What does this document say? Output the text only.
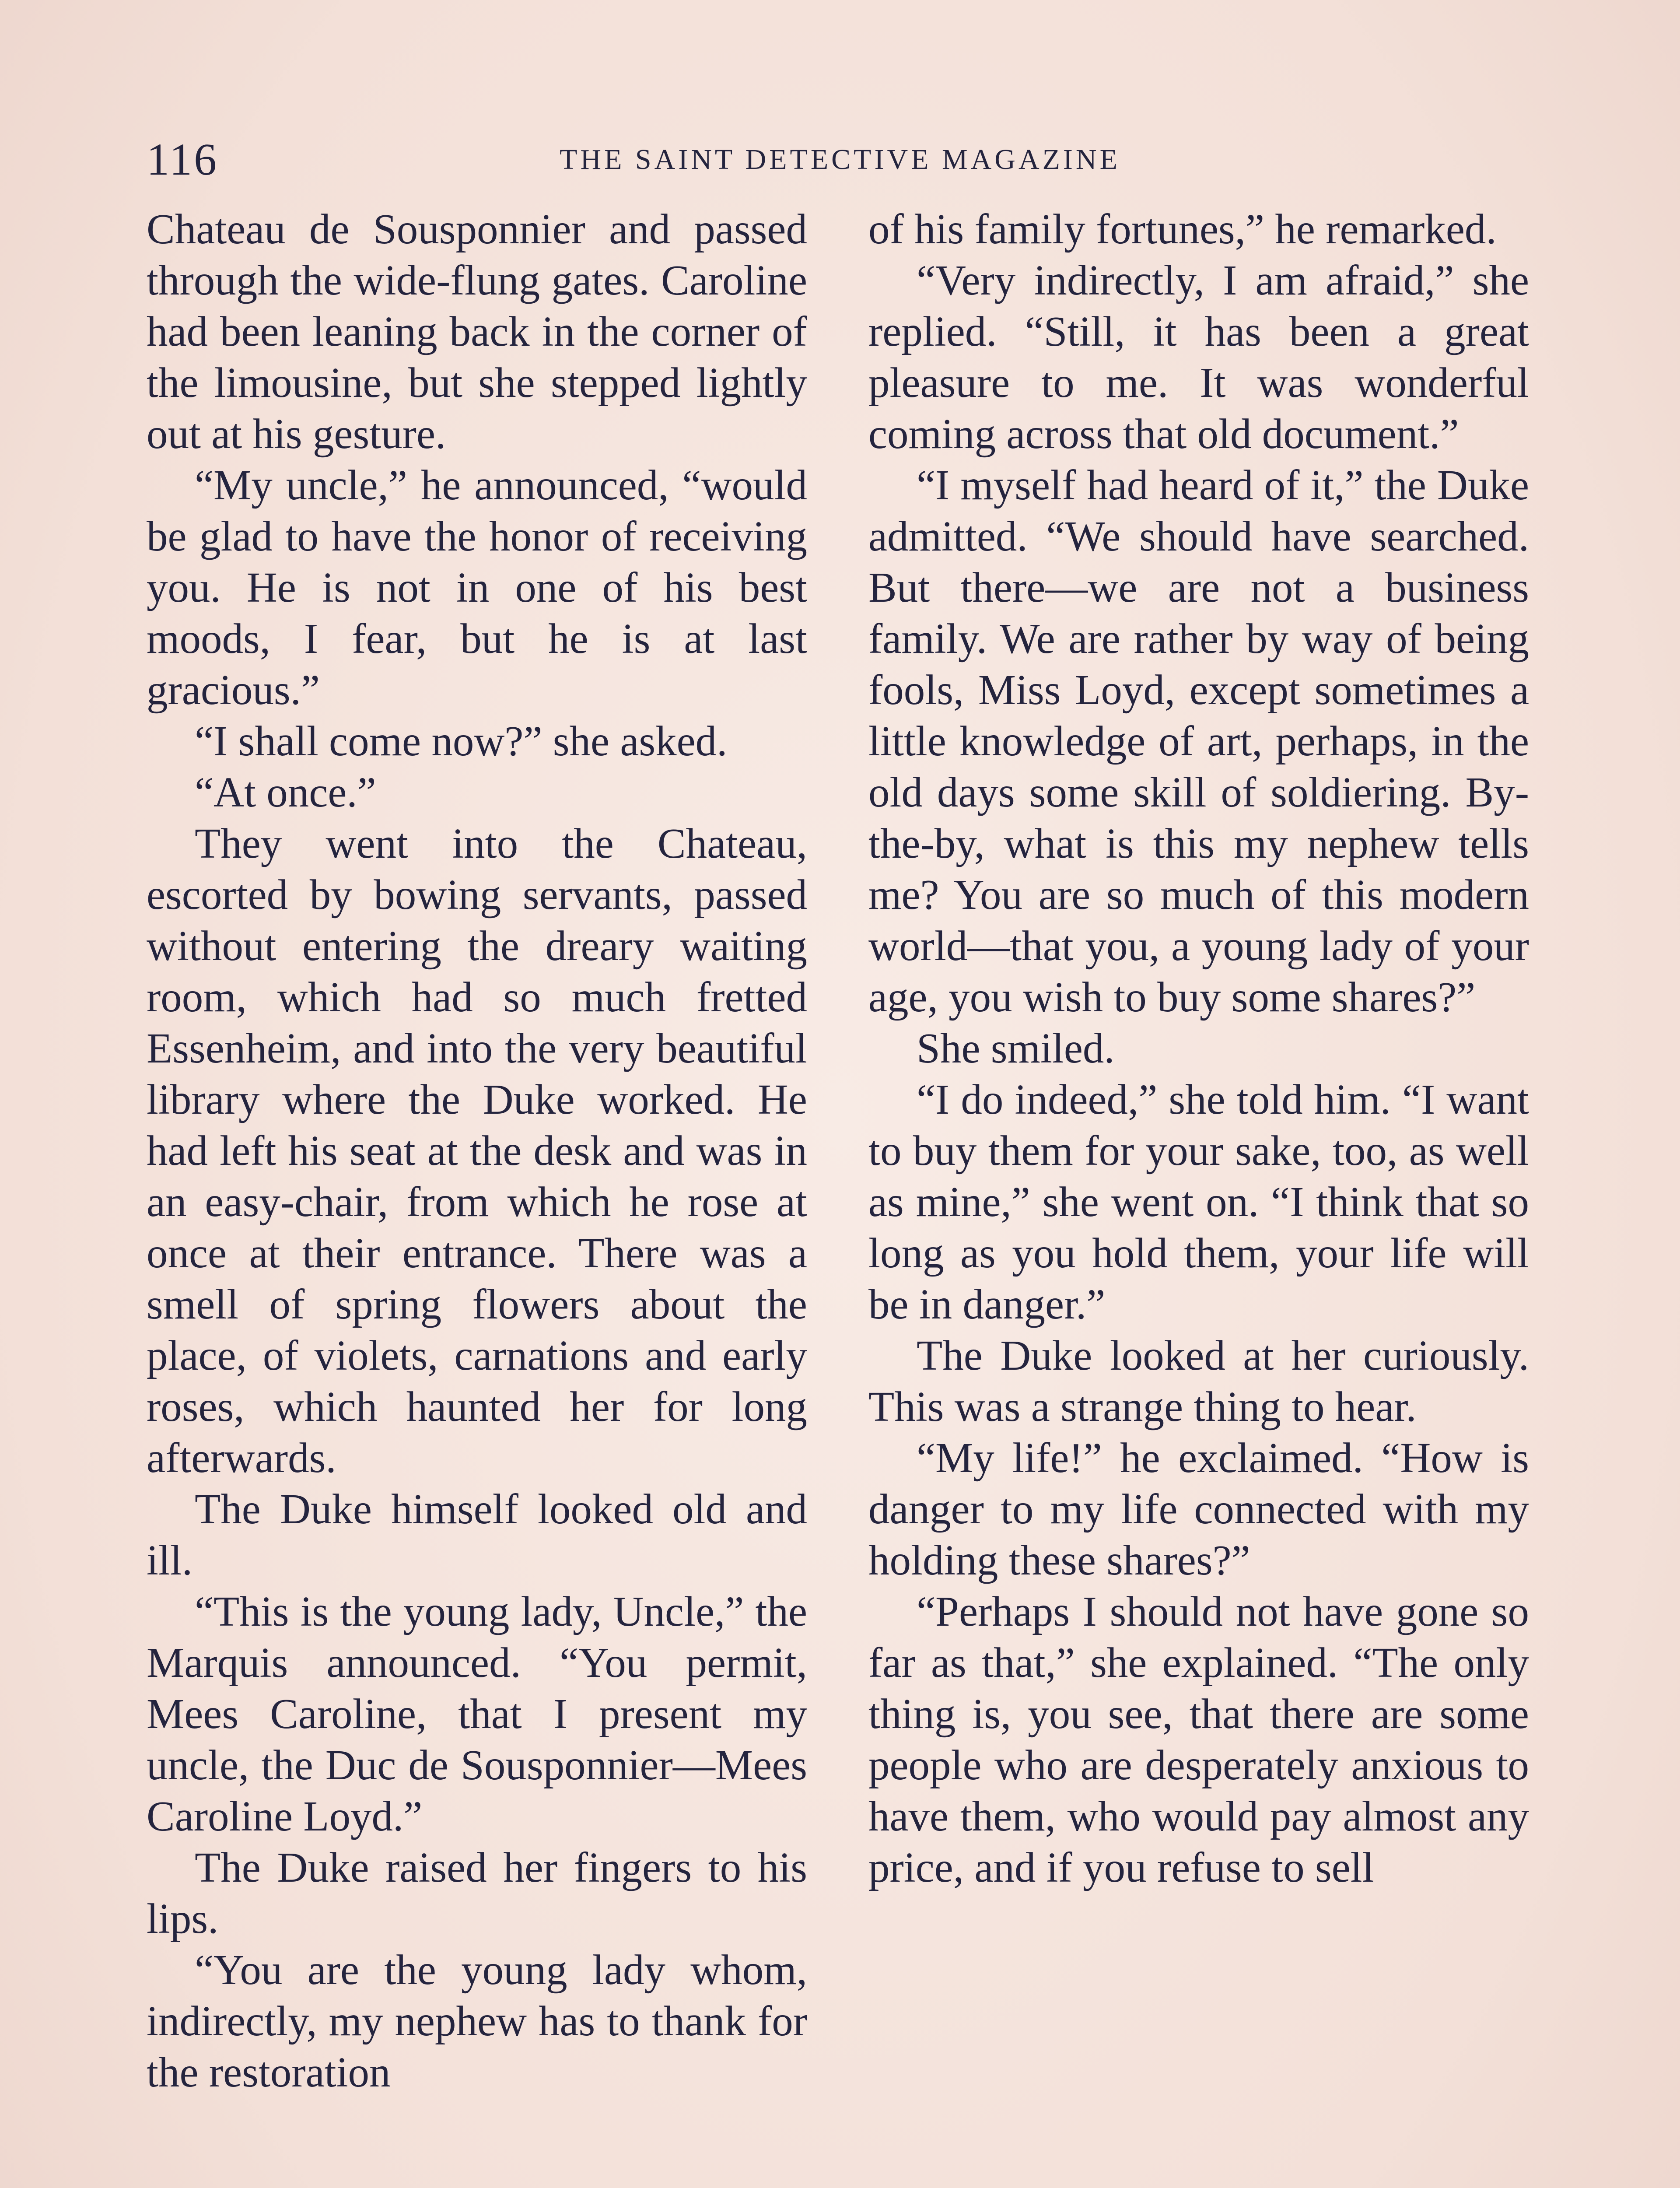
116	THE SAINT DETECTIVE MAGAZINE

Chateau de Sousponnier and passed through the wide-flung gates. Caroline had been leaning back in the corner of the limousine, but she stepped lightly out at his gesture.

“My uncle,” he announced, “would be glad to have the honor of receiving you. He is not in one of his best moods, I fear, but he is at last gracious.”

“I shall come now?” she asked.

“At once.”

They went into the Chateau, escorted by bowing servants, passed without entering the dreary waiting room, which had so much fretted Essenheim, and into the very beautiful library where the Duke worked. He had left his seat at the desk and was in an easy-chair, from which he rose at once at their entrance. There was a smell of spring flowers about the place, of violets, carnations and early roses, which haunted her for long afterwards.

The Duke himself looked old and ill.

“This is the young lady, Uncle,” the Marquis announced. “You permit, Mees Caroline, that I present my uncle, the Duc de Sousponnier—Mees Caroline Loyd.”

The Duke raised her fingers to his lips.

“You are the young lady whom, indirectly, my nephew has to thank for the restoration

of his family fortunes,” he remarked.

“Very indirectly, I am afraid,” she replied. “Still, it has been a great pleasure to me. It was wonderful coming across that old document.”

“I myself had heard of it,” the Duke admitted. “We should have searched. But there—we are not a business family. We are rather by way of being fools, Miss Loyd, except sometimes a little knowledge of art, perhaps, in the old days some skill of soldiering. By-the-by, what is this my nephew tells me? You are so much of this modern world—that you, a young lady of your age, you wish to buy some shares?”

She smiled.

“I do indeed,” she told him. “I want to buy them for your sake, too, as well as mine,” she went on. “I think that so long as you hold them, your life will be in danger.”

The Duke looked at her curiously. This was a strange thing to hear.

“My life!” he exclaimed. “How is danger to my life connected with my holding these shares?”

“Perhaps I should not have gone so far as that,” she explained. “The only thing is, you see, that there are some people who are desperately anxious to have them, who would pay almost any price, and if you refuse to sell
